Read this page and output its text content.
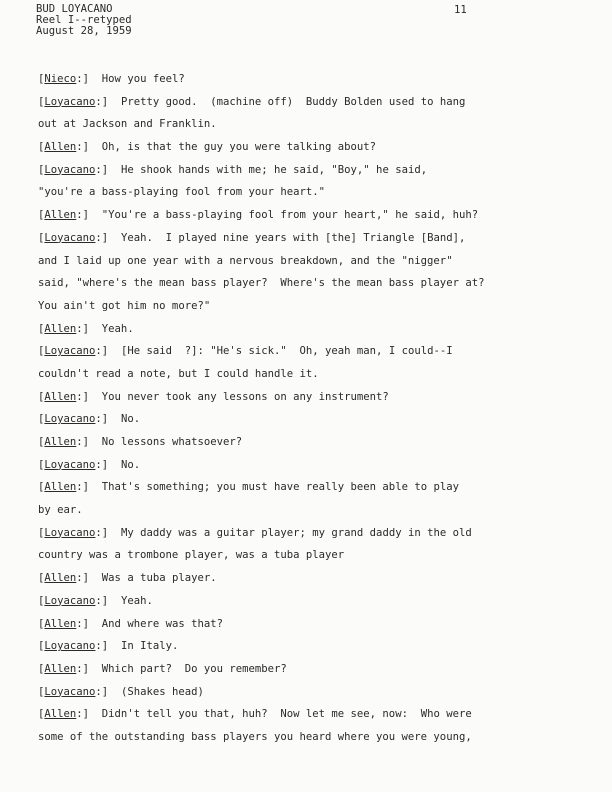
BUD LOYACANO
Reel I--retyped
August 28, 1959
11
[Nieco:]  How you feel?
[Loyacano:]  Pretty good.  (machine off)  Buddy Bolden used to hang
out at Jackson and Franklin.
[Allen:]  Oh, is that the guy you were talking about?
[Loyacano:]  He shook hands with me; he said, "Boy," he said,
"you're a bass-playing fool from your heart."
[Allen:]  "You're a bass-playing fool from your heart," he said, huh?
[Loyacano:]  Yeah.  I played nine years with [the] Triangle [Band],
and I laid up one year with a nervous breakdown, and the "nigger"
said, "where's the mean bass player?  Where's the mean bass player at?
You ain't got him no more?"
[Allen:]  Yeah.
[Loyacano:]  [He said  ?]: "He's sick."  Oh, yeah man, I could--I
couldn't read a note, but I could handle it.
[Allen:]  You never took any lessons on any instrument?
[Loyacano:]  No.
[Allen:]  No lessons whatsoever?
[Loyacano:]  No.
[Allen:]  That's something; you must have really been able to play
by ear.
[Loyacano:]  My daddy was a guitar player; my grand daddy in the old
country was a trombone player, was a tuba player
[Allen:]  Was a tuba player.
[Loyacano:]  Yeah.
[Allen:]  And where was that?
[Loyacano:]  In Italy.
[Allen:]  Which part?  Do you remember?
[Loyacano:]  (Shakes head)
[Allen:]  Didn't tell you that, huh?  Now let me see, now:  Who were
some of the outstanding bass players you heard where you were young,
